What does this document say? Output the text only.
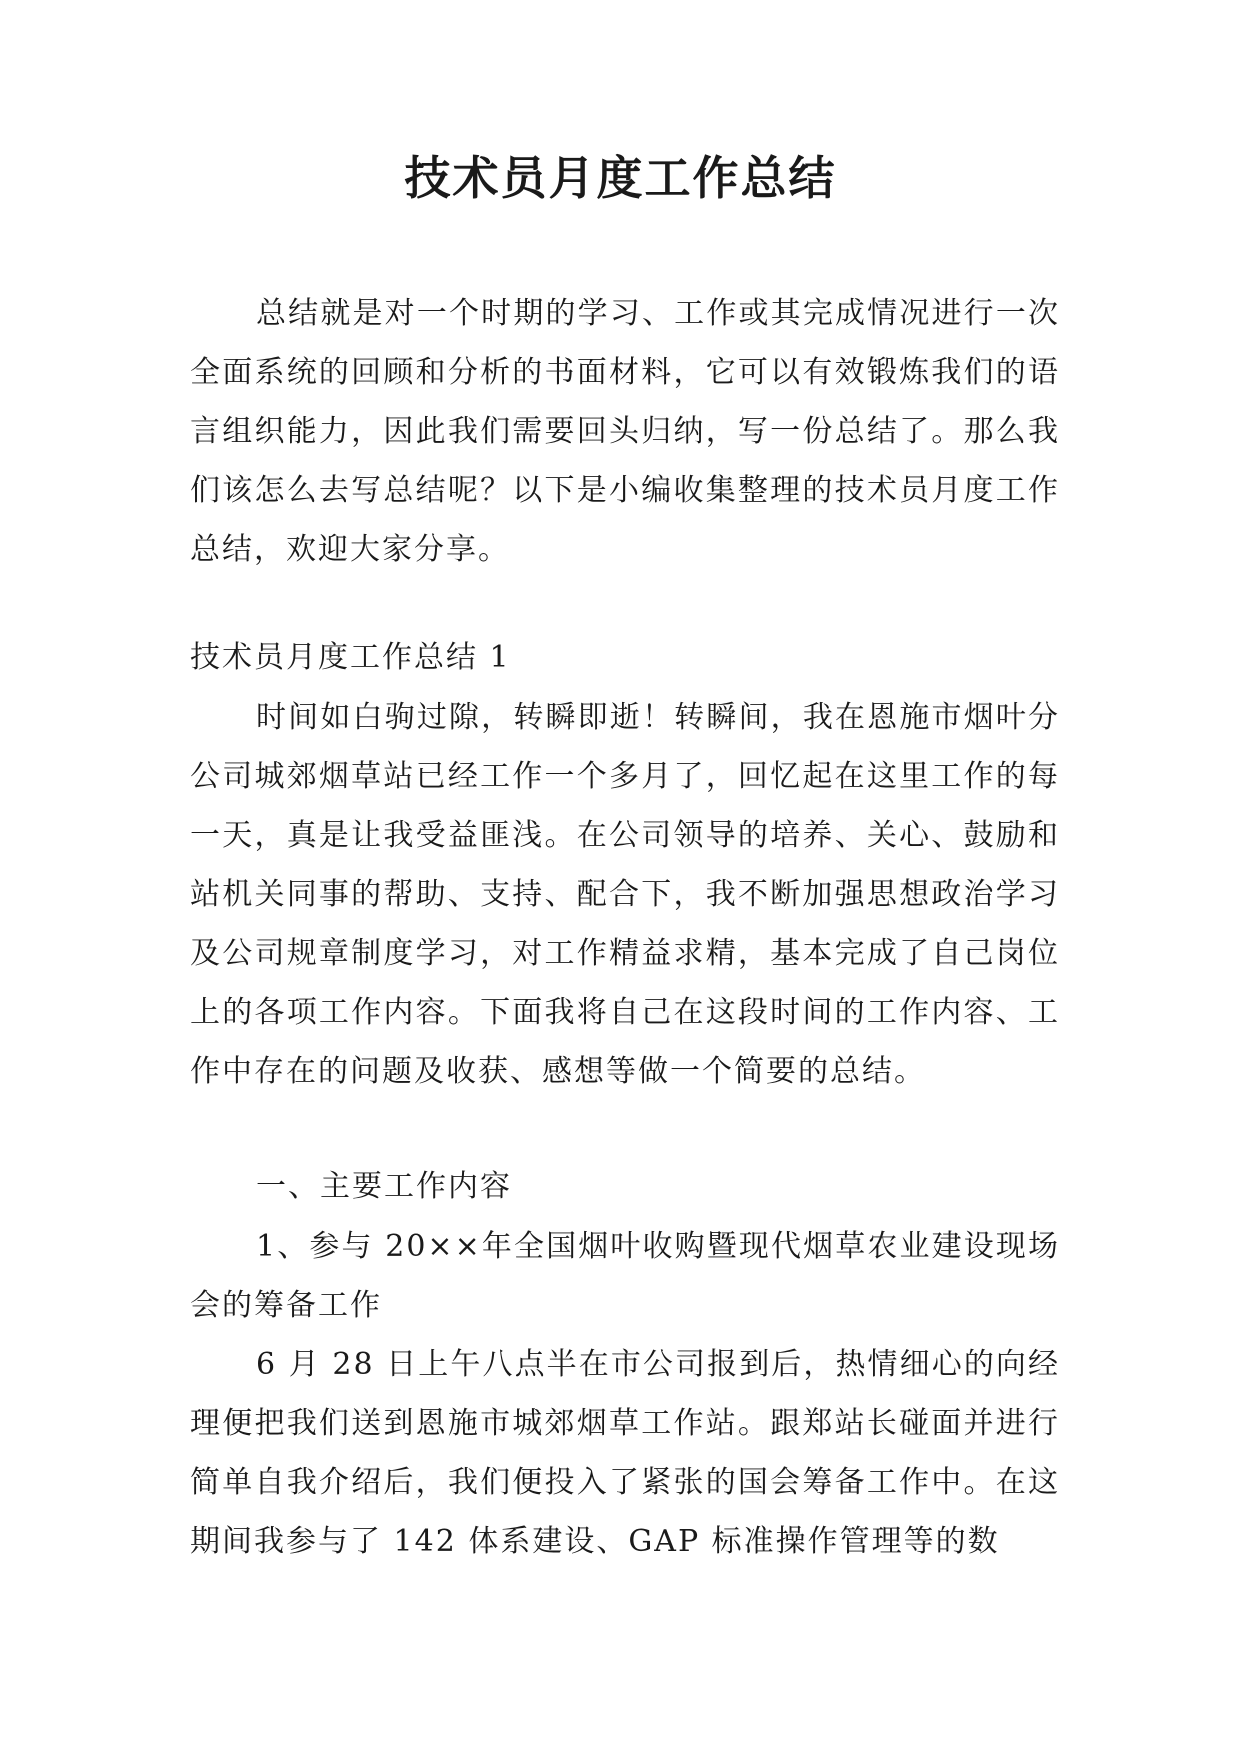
技术员月度工作总结

总结就是对一个时期的学习、工作或其完成情况进行一次全面系统的回顾和分析的书面材料，它可以有效锻炼我们的语言组织能力，因此我们需要回头归纳，写一份总结了。那么我们该怎么去写总结呢？以下是小编收集整理的技术员月度工作总结，欢迎大家分享。

技术员月度工作总结 1

时间如白驹过隙，转瞬即逝！转瞬间，我在恩施市烟叶分公司城郊烟草站已经工作一个多月了，回忆起在这里工作的每一天，真是让我受益匪浅。在公司领导的培养、关心、鼓励和站机关同事的帮助、支持、配合下，我不断加强思想政治学习及公司规章制度学习，对工作精益求精，基本完成了自己岗位上的各项工作内容。下面我将自己在这段时间的工作内容、工作中存在的问题及收获、感想等做一个简要的总结。

一、主要工作内容

1、参与 20××年全国烟叶收购暨现代烟草农业建设现场会的筹备工作

6 月 28 日上午八点半在市公司报到后，热情细心的向经理便把我们送到恩施市城郊烟草工作站。跟郑站长碰面并进行简单自我介绍后，我们便投入了紧张的国会筹备工作中。在这期间我参与了 142 体系建设、GAP 标准操作管理等的数
